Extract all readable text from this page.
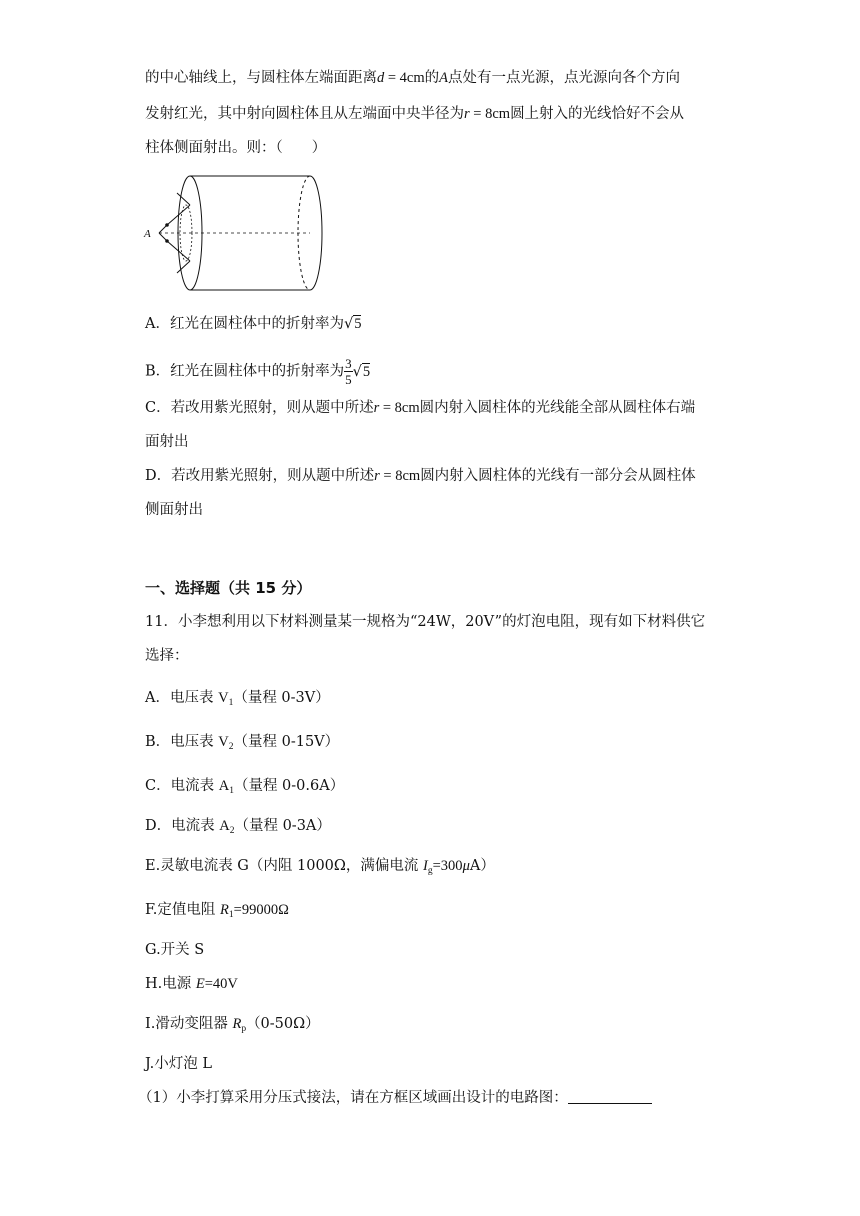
的中心轴线上，与圆柱体左端面距离d = 4cm的A点处有一点光源，点光源向各个方向
发射红光，其中射向圆柱体且从左端面中央半径为r = 8cm圆上射入的光线恰好不会从
柱体侧面射出。则：（　　）
A
A．红光在圆柱体中的折射率为√5
B．红光在圆柱体中的折射率为 $\frac{3}{5} √5$
C．若改用紫光照射，则从题中所述r = 8cm圆内射入圆柱体的光线能全部从圆柱体右端
面射出
D．若改用紫光照射，则从题中所述r = 8cm圆内射入圆柱体的光线有一部分会从圆柱体
侧面射出
一、选择题（共 15 分）
11．小李想利用以下材料测量某一规格为“24W，20V”的灯泡电阻，现有如下材料供它
选择：
A．电压表 $V_1$（量程 0-3V）
B．电压表 $V_2$（量程 0-15V）
C．电流表 $A_1$（量程 0-0.6A）
D．电流表 $A_2$（量程 0-3A）
E.灵敏电流表 G（内阻 1000Ω，满偏电流 $I_g=300\mu A$）
F.定值电阻 $R_1=99000\Omega$
G.开关 S
H.电源 E=40V
I.滑动变阻器 $R_p(0-50\Omega)$
J.小灯泡 L
（1）小李打算采用分压式接法，请在方框区域画出设计的电路图：
